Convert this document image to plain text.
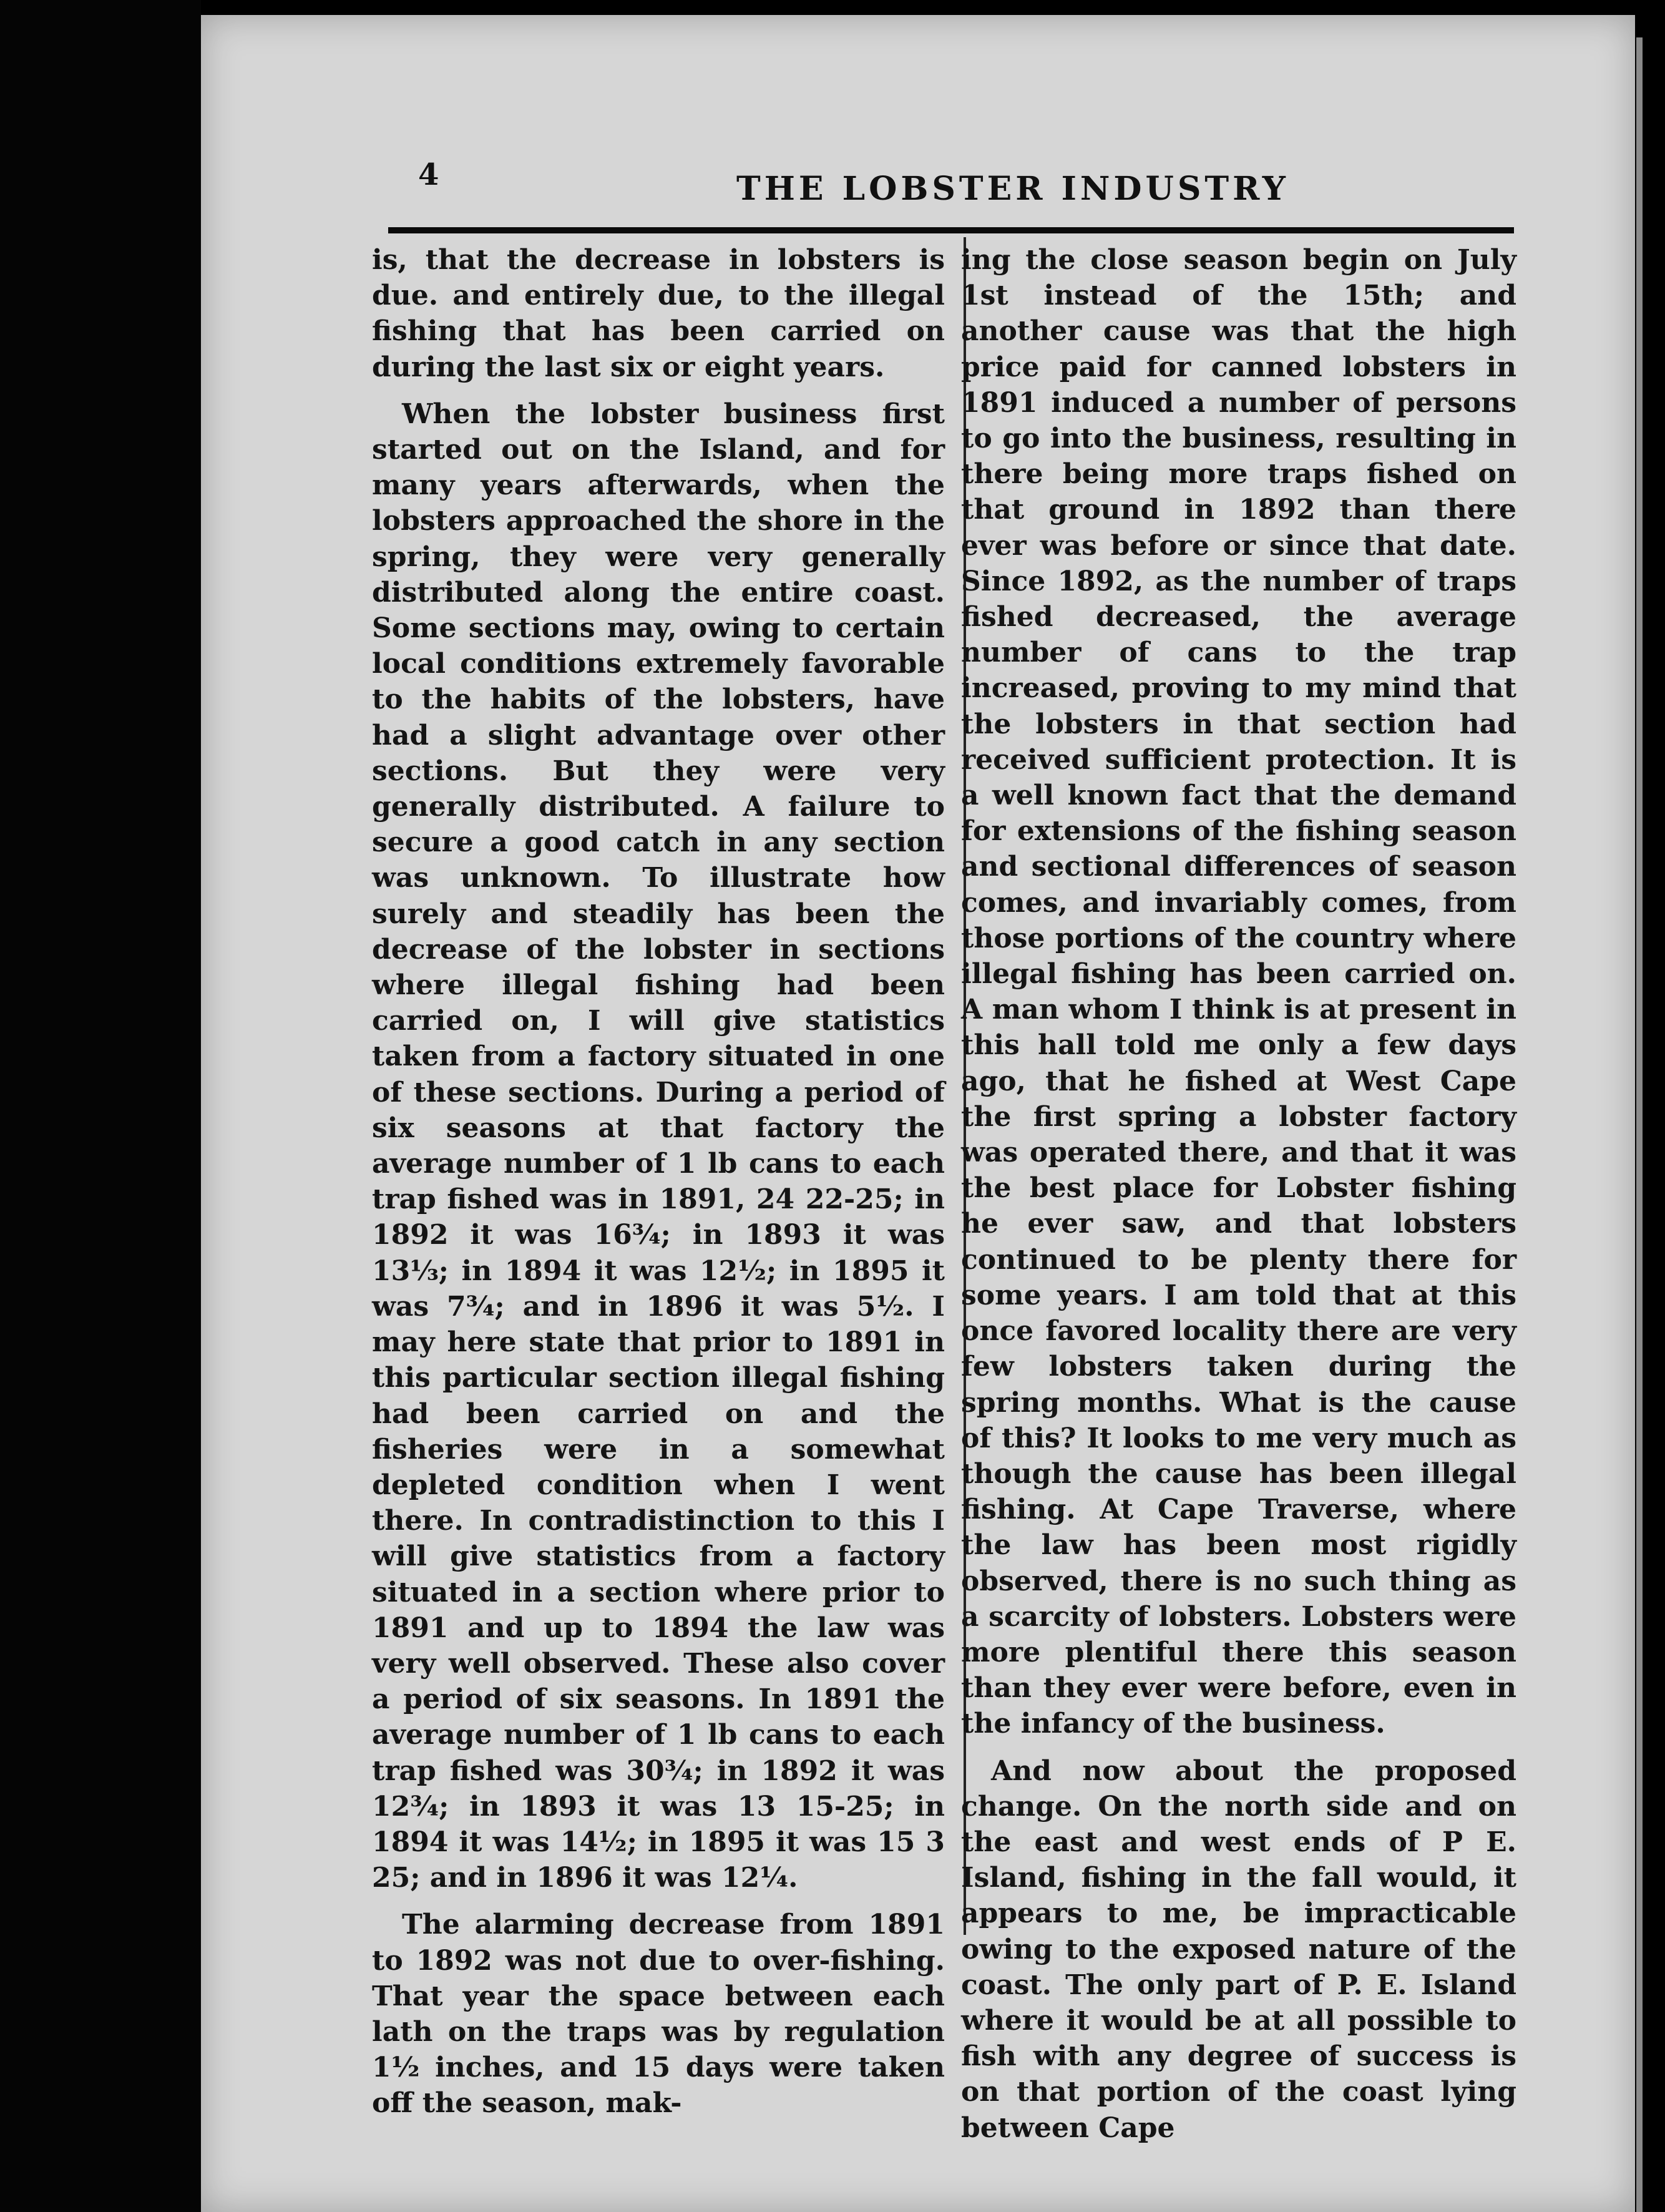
4	THE LOBSTER INDUSTRY

is, that the decrease in lobsters is due. and entirely due, to the illegal fishing that has been carried on during the last six or eight years.

When the lobster business first started out on the Island, and for many years afterwards, when the lobsters approached the shore in the spring, they were very generally distributed along the entire coast. Some sections may, owing to certain local conditions extremely favorable to the habits of the lobsters, have had a slight advantage over other sections. But they were very generally distributed. A failure to secure a good catch in any section was unknown. To illustrate how surely and steadily has been the decrease of the lobster in sections where illegal fishing had been carried on, I will give statistics taken from a factory situated in one of these sections. During a period of six seasons at that factory the average number of 1 lb cans to each trap fished was in 1891, 24 22-25; in 1892 it was 16¾; in 1893 it was 13⅓; in 1894 it was 12½; in 1895 it was 7¾; and in 1896 it was 5½. I may here state that prior to 1891 in this particular section illegal fishing had been carried on and the fisheries were in a somewhat depleted condition when I went there. In contradistinction to this I will give statistics from a factory situated in a section where prior to 1891 and up to 1894 the law was very well observed. These also cover a period of six seasons. In 1891 the average number of 1 lb cans to each trap fished was 30¾; in 1892 it was 12¾; in 1893 it was 13 15-25; in 1894 it was 14½; in 1895 it was 15 3 25; and in 1896 it was 12¼.

The alarming decrease from 1891 to 1892 was not due to over-fishing. That year the space between each lath on the traps was by regulation 1½ inches, and 15 days were taken off the season, mak-

ing the close season begin on July 1st instead of the 15th; and another cause was that the high price paid for canned lobsters in 1891 induced a number of persons to go into the business, resulting in there being more traps fished on that ground in 1892 than there ever was before or since that date. Since 1892, as the number of traps fished decreased, the average number of cans to the trap increased, proving to my mind that the lobsters in that section had received sufficient protection. It is a well known fact that the demand for extensions of the fishing season and sectional differences of season comes, and invariably comes, from those portions of the country where illegal fishing has been carried on. A man whom I think is at present in this hall told me only a few days ago, that he fished at West Cape the first spring a lobster factory was operated there, and that it was the best place for Lobster fishing he ever saw, and that lobsters continued to be plenty there for some years. I am told that at this once favored locality there are very few lobsters taken during the spring months. What is the cause of this? It looks to me very much as though the cause has been illegal fishing. At Cape Traverse, where the law has been most rigidly observed, there is no such thing as a scarcity of lobsters. Lobsters were more plentiful there this season than they ever were before, even in the infancy of the business.

And now about the proposed change. On the north side and on the east and west ends of P E. Island, fishing in the fall would, it appears to me, be impracticable owing to the exposed nature of the coast. The only part of P. E. Island where it would be at all possible to fish with any degree of success is on that portion of the coast lying between Cape
